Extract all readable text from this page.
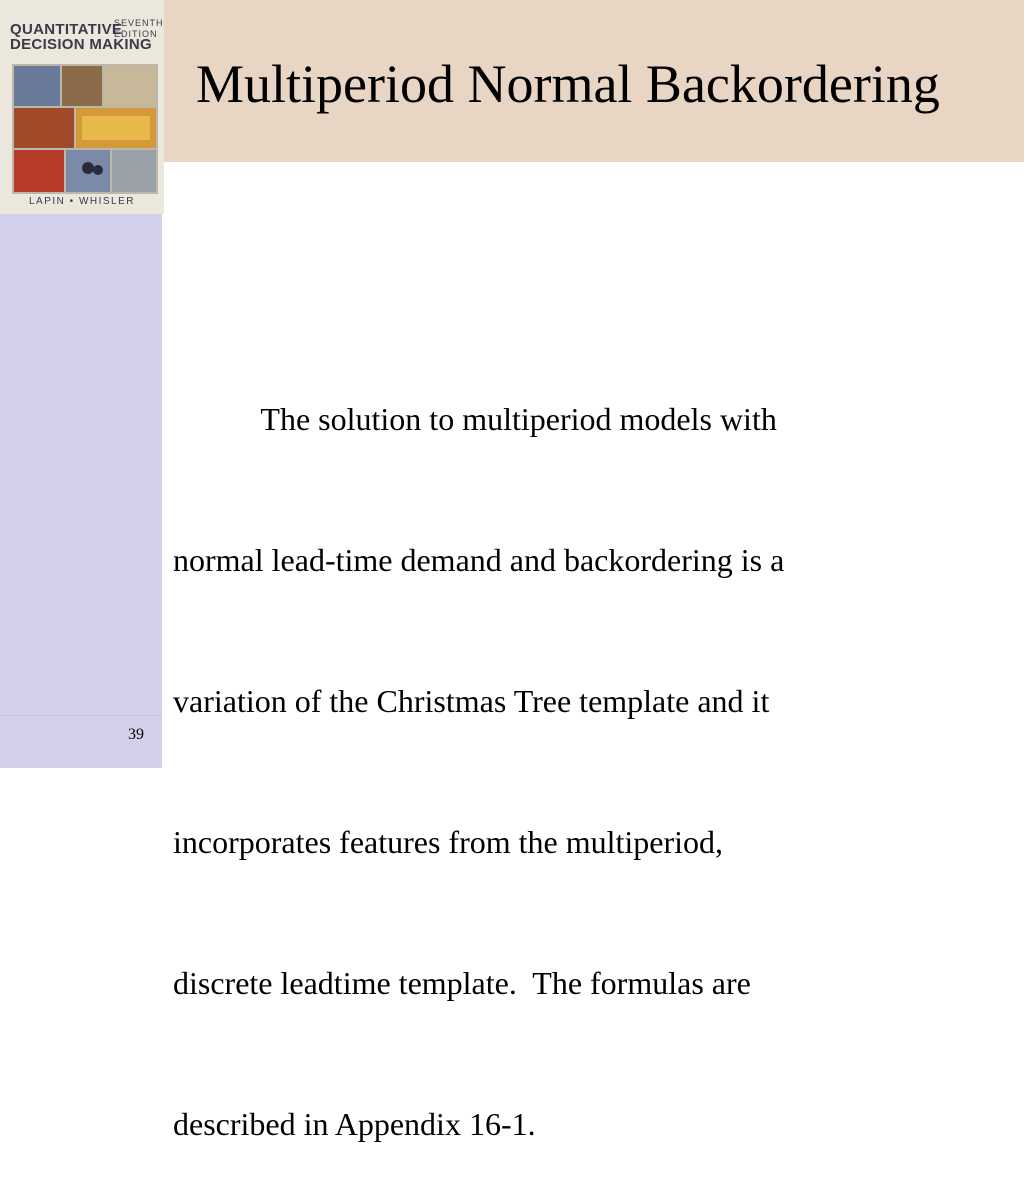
QUANTITATIVE
DECISION MAKING
SEVENTH
EDITION
LAPIN • WHISLER
Multiperiod Normal Backordering

The solution to multiperiod models with

normal lead-time demand and backordering is a

variation of the Christmas Tree template and it

incorporates features from the multiperiod,

discrete leadtime template.  The formulas are

described in Appendix 16-1.

39
